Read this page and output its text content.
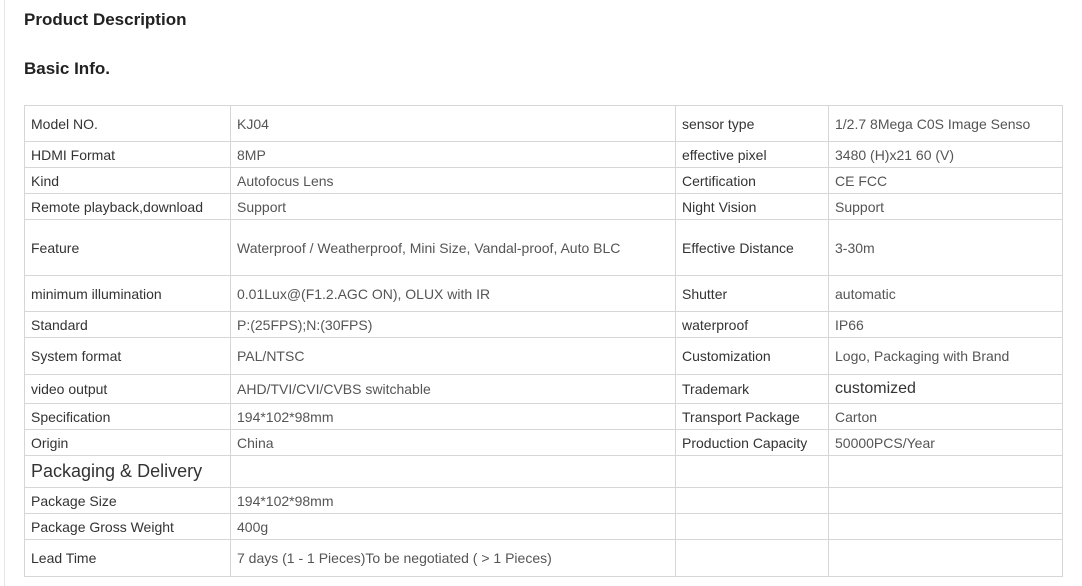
Product Description
Basic Info.
Model NO.	KJ04	sensor type	1/2.7 8Mega C0S Image Senso
HDMI Format	8MP	effective pixel	3480 (H)x21 60 (V)
Kind	Autofocus Lens	Certification	CE FCC
Remote playback,download	Support	Night Vision	Support
Feature	Waterproof / Weatherproof, Mini Size, Vandal-proof, Auto BLC	Effective Distance	3-30m
minimum illumination	0.01Lux@(F1.2.AGC ON), OLUX with IR	Shutter	automatic
Standard	P:(25FPS);N:(30FPS)	waterproof	IP66
System format	PAL/NTSC	Customization	Logo, Packaging with Brand
video output	AHD/TVI/CVI/CVBS switchable	Trademark	customized
Specification	194*102*98mm	Transport Package	Carton
Origin	China	Production Capacity	50000PCS/Year
Packaging & Delivery			
Package Size	194*102*98mm		
Package Gross Weight	400g		
Lead Time	7 days (1 - 1 Pieces)To be negotiated ( > 1 Pieces)		
